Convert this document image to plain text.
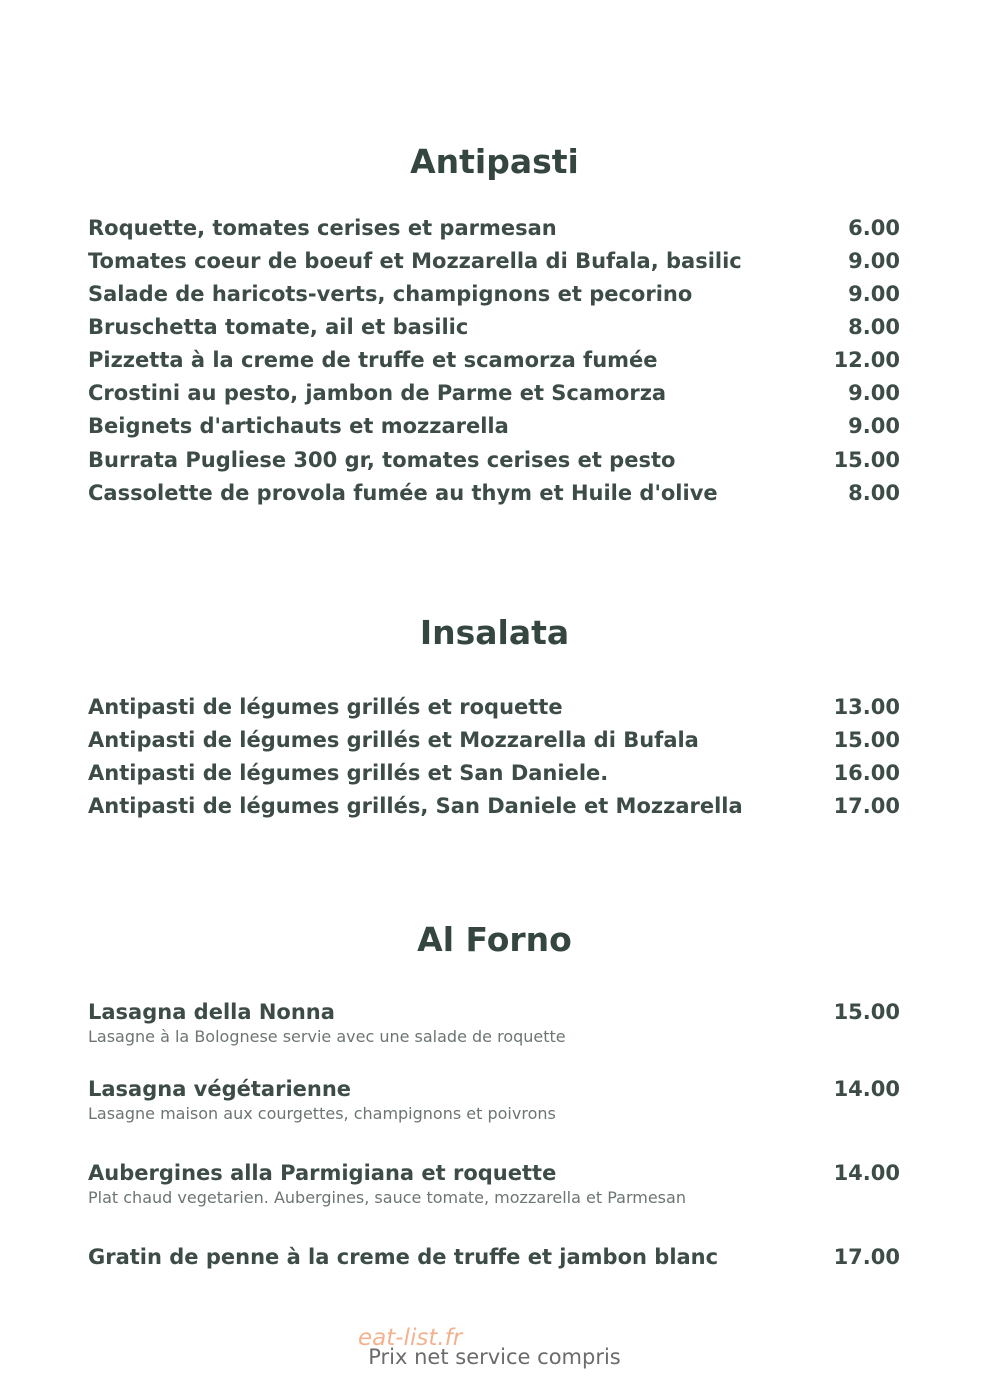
Antipasti
Roquette, tomates cerises et parmesan	6.00
Tomates coeur de boeuf et Mozzarella di Bufala, basilic	9.00
Salade de haricots-verts, champignons et pecorino	9.00
Bruschetta tomate, ail et basilic	8.00
Pizzetta à la creme de truffe et scamorza fumée	12.00
Crostini au pesto, jambon de Parme et Scamorza	9.00
Beignets d'artichauts et mozzarella	9.00
Burrata Pugliese 300 gr, tomates cerises et pesto	15.00
Cassolette de provola fumée au thym et Huile d'olive	8.00
Insalata
Antipasti de légumes grillés et roquette	13.00
Antipasti de légumes grillés et Mozzarella di Bufala	15.00
Antipasti de légumes grillés et San Daniele.	16.00
Antipasti de légumes grillés, San Daniele et Mozzarella	17.00
Al Forno
Lasagna della Nonna	15.00
Lasagne à la Bolognese servie avec une salade de roquette
Lasagna végétarienne	14.00
Lasagne maison aux courgettes, champignons et poivrons
Aubergines alla Parmigiana et roquette	14.00
Plat chaud vegetarien. Aubergines, sauce tomate, mozzarella et Parmesan
Gratin de penne à la creme de truffe et jambon blanc	17.00
Prix net service compris
eat-list.fr
